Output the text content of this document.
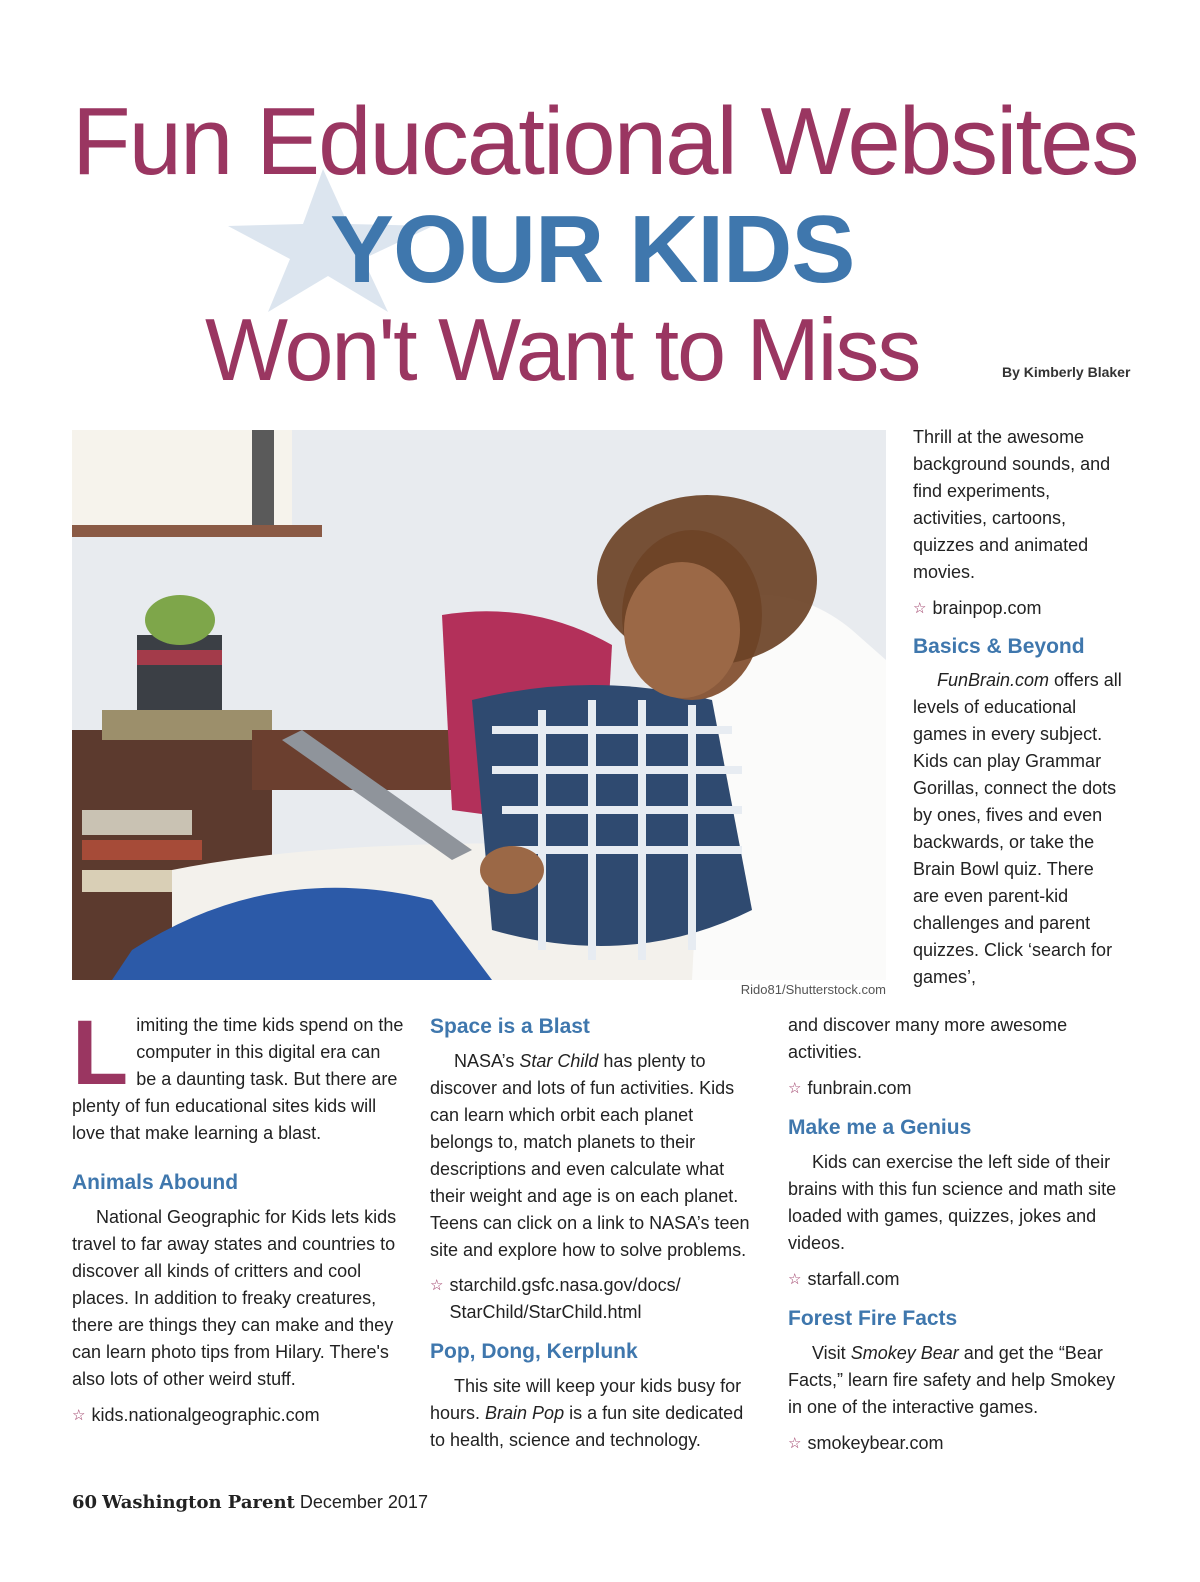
Fun Educational Websites
YOUR KIDS
Won't Want to Miss	By Kimberly Blaker
Rido81/Shutterstock.com

Limiting the time kids spend on the computer in this digital era can be a daunting task. But there are plenty of fun educational sites kids will love that make learning a blast.

Animals Abound

National Geographic for Kids lets kids travel to far away states and countries to discover all kinds of critters and cool places. In addition to freaky creatures, there are things they can make and they can learn photo tips from Hilary. There's also lots of other weird stuff.

☆ kids.nationalgeographic.com

Space is a Blast

NASA’s Star Child has plenty to discover and lots of fun activities. Kids can learn which orbit each planet belongs to, match planets to their descriptions and even calculate what their weight and age is on each planet. Teens can click on a link to NASA’s teen site and explore how to solve problems.

☆ starchild.gsfc.nasa.gov/docs/
StarChild/StarChild.html

Pop, Dong, Kerplunk

This site will keep your kids busy for hours. Brain Pop is a fun site dedicated to health, science and technology.

Thrill at the awesome background sounds, and find experiments, activities, cartoons, quizzes and animated movies.

☆ brainpop.com

Basics & Beyond

FunBrain.com offers all levels of educational games in every subject. Kids can play Grammar Gorillas, connect the dots by ones, fives and even backwards, or take the Brain Bowl quiz. There are even parent-kid challenges and parent quizzes. Click ‘search for games’,

and discover many more awesome activities.

☆ funbrain.com

Make me a Genius

Kids can exercise the left side of their brains with this fun science and math site loaded with games, quizzes, jokes and videos.

☆ starfall.com

Forest Fire Facts

Visit Smokey Bear and get the “Bear Facts,” learn fire safety and help Smokey in one of the interactive games.

☆ smokeybear.com
60 Washington Parent December 2017
